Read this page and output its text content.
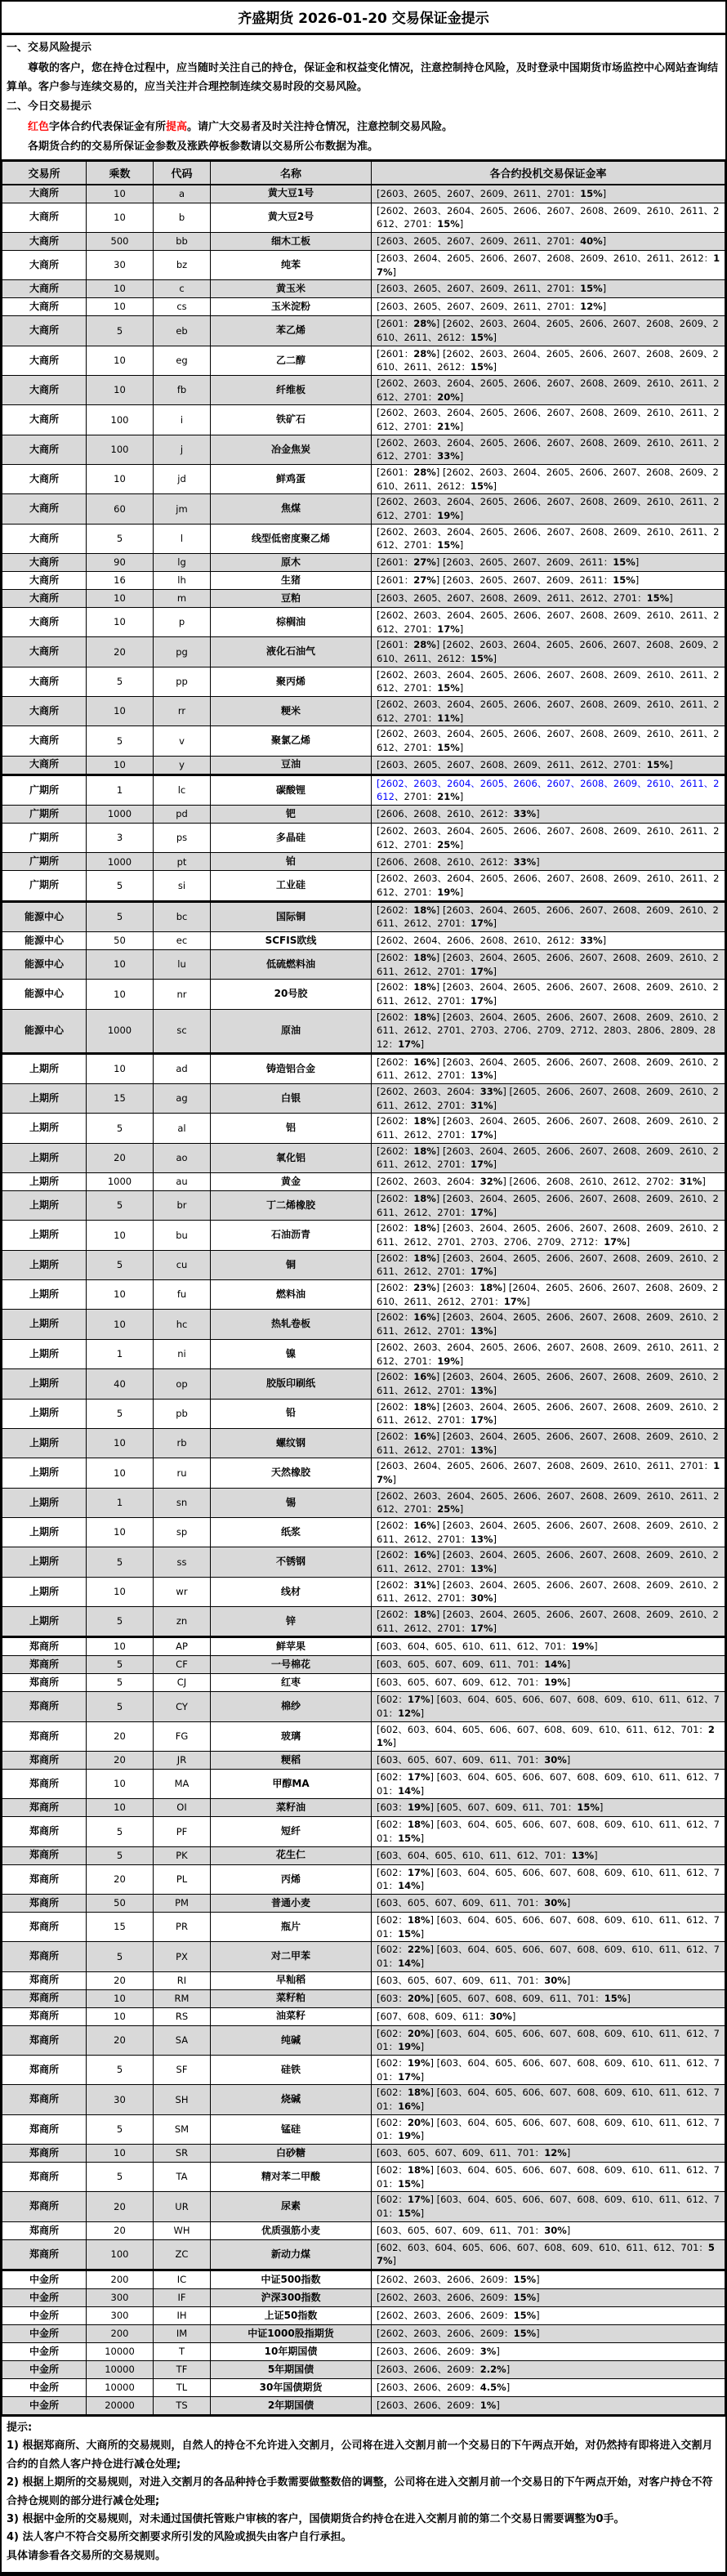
齐盛期货 2026-01-20 交易保证金提示
一、交易风险提示
尊敬的客户，您在持仓过程中，应当随时关注自己的持仓，保证金和权益变化情况，注意控制持仓风险，及时登录中国期货市场监控中心网站查询结算单。客户参与连续交易的，应当关注并合理控制连续交易时段的交易风险。
二、今日交易提示
红色字体合约代表保证金有所提高。请广大交易者及时关注持仓情况，注意控制交易风险。
各期货合约的交易所保证金参数及涨跌停板参数请以交易所公布数据为准。
交易所	乘数	代码	名称	各合约投机交易保证金率
大商所	10	a	黄大豆1号	[2603、2605、2607、2609、2611、2701：15%]
大商所	10	b	黄大豆2号	[2602、2603、2604、2605、2606、2607、2608、2609、2610、2611、2612、2701：15%]
大商所	500	bb	细木工板	[2603、2605、2607、2609、2611、2701：40%]
大商所	30	bz	纯苯	[2603、2604、2605、2606、2607、2608、2609、2610、2611、2612：17%]
大商所	10	c	黄玉米	[2603、2605、2607、2609、2611、2701：15%]
大商所	10	cs	玉米淀粉	[2603、2605、2607、2609、2611、2701：12%]
大商所	5	eb	苯乙烯	[2601：28%] [2602、2603、2604、2605、2606、2607、2608、2609、2610、2611、2612：15%]
大商所	10	eg	乙二醇	[2601：28%] [2602、2603、2604、2605、2606、2607、2608、2609、2610、2611、2612：15%]
大商所	10	fb	纤维板	[2602、2603、2604、2605、2606、2607、2608、2609、2610、2611、2612、2701：20%]
大商所	100	i	铁矿石	[2602、2603、2604、2605、2606、2607、2608、2609、2610、2611、2612、2701：21%]
大商所	100	j	冶金焦炭	[2602、2603、2604、2605、2606、2607、2608、2609、2610、2611、2612、2701：33%]
大商所	10	jd	鲜鸡蛋	[2601：28%] [2602、2603、2604、2605、2606、2607、2608、2609、2610、2611、2612：15%]
大商所	60	jm	焦煤	[2602、2603、2604、2605、2606、2607、2608、2609、2610、2611、2612、2701：19%]
大商所	5	l	线型低密度聚乙烯	[2602、2603、2604、2605、2606、2607、2608、2609、2610、2611、2612、2701：15%]
大商所	90	lg	原木	[2601：27%] [2603、2605、2607、2609、2611：15%]
大商所	16	lh	生猪	[2601：27%] [2603、2605、2607、2609、2611：15%]
大商所	10	m	豆粕	[2603、2605、2607、2608、2609、2611、2612、2701：15%]
大商所	10	p	棕榈油	[2602、2603、2604、2605、2606、2607、2608、2609、2610、2611、2612、2701：17%]
大商所	20	pg	液化石油气	[2601：28%] [2602、2603、2604、2605、2606、2607、2608、2609、2610、2611、2612：15%]
大商所	5	pp	聚丙烯	[2602、2603、2604、2605、2606、2607、2608、2609、2610、2611、2612、2701：15%]
大商所	10	rr	粳米	[2602、2603、2604、2605、2606、2607、2608、2609、2610、2611、2612、2701：11%]
大商所	5	v	聚氯乙烯	[2602、2603、2604、2605、2606、2607、2608、2609、2610、2611、2612、2701：15%]
大商所	10	y	豆油	[2603、2605、2607、2608、2609、2611、2612、2701：15%]
广期所	1	lc	碳酸锂	[2602、2603、2604、2605、2606、2607、2608、2609、2610、2611、2612、2701：21%]
广期所	1000	pd	钯	[2606、2608、2610、2612：33%]
广期所	3	ps	多晶硅	[2602、2603、2604、2605、2606、2607、2608、2609、2610、2611、2612、2701：25%]
广期所	1000	pt	铂	[2606、2608、2610、2612：33%]
广期所	5	si	工业硅	[2602、2603、2604、2605、2606、2607、2608、2609、2610、2611、2612、2701：19%]
能源中心	5	bc	国际铜	[2602：18%] [2603、2604、2605、2606、2607、2608、2609、2610、2611、2612、2701：17%]
能源中心	50	ec	SCFIS欧线	[2602、2604、2606、2608、2610、2612：33%]
能源中心	10	lu	低硫燃料油	[2602：18%] [2603、2604、2605、2606、2607、2608、2609、2610、2611、2612、2701：17%]
能源中心	10	nr	20号胶	[2602：18%] [2603、2604、2605、2606、2607、2608、2609、2610、2611、2612、2701：17%]
能源中心	1000	sc	原油	[2602：18%] [2603、2604、2605、2606、2607、2608、2609、2610、2611、2612、2701、2703、2706、2709、2712、2803、2806、2809、2812：17%]
上期所	10	ad	铸造铝合金	[2602：16%] [2603、2604、2605、2606、2607、2608、2609、2610、2611、2612、2701：13%]
上期所	15	ag	白银	[2602、2603、2604：33%] [2605、2606、2607、2608、2609、2610、2611、2612、2701：31%]
上期所	5	al	铝	[2602：18%] [2603、2604、2605、2606、2607、2608、2609、2610、2611、2612、2701：17%]
上期所	20	ao	氧化铝	[2602：18%] [2603、2604、2605、2606、2607、2608、2609、2610、2611、2612、2701：17%]
上期所	1000	au	黄金	[2602、2603、2604：32%] [2606、2608、2610、2612、2702：31%]
上期所	5	br	丁二烯橡胶	[2602：18%] [2603、2604、2605、2606、2607、2608、2609、2610、2611、2612、2701：17%]
上期所	10	bu	石油沥青	[2602：18%] [2603、2604、2605、2606、2607、2608、2609、2610、2611、2612、2701、2703、2706、2709、2712：17%]
上期所	5	cu	铜	[2602：18%] [2603、2604、2605、2606、2607、2608、2609、2610、2611、2612、2701：17%]
上期所	10	fu	燃料油	[2602：23%] [2603：18%] [2604、2605、2606、2607、2608、2609、2610、2611、2612、2701：17%]
上期所	10	hc	热轧卷板	[2602：16%] [2603、2604、2605、2606、2607、2608、2609、2610、2611、2612、2701：13%]
上期所	1	ni	镍	[2602、2603、2604、2605、2606、2607、2608、2609、2610、2611、2612、2701：19%]
上期所	40	op	胶版印刷纸	[2602：16%] [2603、2604、2605、2606、2607、2608、2609、2610、2611、2612、2701：13%]
上期所	5	pb	铅	[2602：18%] [2603、2604、2605、2606、2607、2608、2609、2610、2611、2612、2701：17%]
上期所	10	rb	螺纹钢	[2602：16%] [2603、2604、2605、2606、2607、2608、2609、2610、2611、2612、2701：13%]
上期所	10	ru	天然橡胶	[2603、2604、2605、2606、2607、2608、2609、2610、2611、2701：17%]
上期所	1	sn	锡	[2602、2603、2604、2605、2606、2607、2608、2609、2610、2611、2612、2701：25%]
上期所	10	sp	纸浆	[2602：16%] [2603、2604、2605、2606、2607、2608、2609、2610、2611、2612、2701：13%]
上期所	5	ss	不锈钢	[2602：16%] [2603、2604、2605、2606、2607、2608、2609、2610、2611、2612、2701：13%]
上期所	10	wr	线材	[2602：31%] [2603、2604、2605、2606、2607、2608、2609、2610、2611、2612、2701：30%]
上期所	5	zn	锌	[2602：18%] [2603、2604、2605、2606、2607、2608、2609、2610、2611、2612、2701：17%]
郑商所	10	AP	鲜苹果	[603、604、605、610、611、612、701：19%]
郑商所	5	CF	一号棉花	[603、605、607、609、611、701：14%]
郑商所	5	CJ	红枣	[603、605、607、609、612、701：19%]
郑商所	5	CY	棉纱	[602：17%] [603、604、605、606、607、608、609、610、611、612、701：12%]
郑商所	20	FG	玻璃	[602、603、604、605、606、607、608、609、610、611、612、701：21%]
郑商所	20	JR	粳稻	[603、605、607、609、611、701：30%]
郑商所	10	MA	甲醇MA	[602：17%] [603、604、605、606、607、608、609、610、611、612、701：14%]
郑商所	10	OI	菜籽油	[603：19%] [605、607、609、611、701：15%]
郑商所	5	PF	短纤	[602：18%] [603、604、605、606、607、608、609、610、611、612、701：15%]
郑商所	5	PK	花生仁	[603、604、605、610、611、612、701：13%]
郑商所	20	PL	丙烯	[602：17%] [603、604、605、606、607、608、609、610、611、612、701：14%]
郑商所	50	PM	普通小麦	[603、605、607、609、611、701：30%]
郑商所	15	PR	瓶片	[602：18%] [603、604、605、606、607、608、609、610、611、612、701：15%]
郑商所	5	PX	对二甲苯	[602：22%] [603、604、605、606、607、608、609、610、611、612、701：14%]
郑商所	20	RI	早籼稻	[603、605、607、609、611、701：30%]
郑商所	10	RM	菜籽粕	[603：20%] [605、607、608、609、611、701：15%]
郑商所	10	RS	油菜籽	[607、608、609、611：30%]
郑商所	20	SA	纯碱	[602：20%] [603、604、605、606、607、608、609、610、611、612、701：19%]
郑商所	5	SF	硅铁	[602：19%] [603、604、605、606、607、608、609、610、611、612、701：17%]
郑商所	30	SH	烧碱	[602：18%] [603、604、605、606、607、608、609、610、611、612、701：16%]
郑商所	5	SM	锰硅	[602：20%] [603、604、605、606、607、608、609、610、611、612、701：19%]
郑商所	10	SR	白砂糖	[603、605、607、609、611、701：12%]
郑商所	5	TA	精对苯二甲酸	[602：18%] [603、604、605、606、607、608、609、610、611、612、701：15%]
郑商所	20	UR	尿素	[602：17%] [603、604、605、606、607、608、609、610、611、612、701：15%]
郑商所	20	WH	优质强筋小麦	[603、605、607、609、611、701：30%]
郑商所	100	ZC	新动力煤	[602、603、604、605、606、607、608、609、610、611、612、701：57%]
中金所	200	IC	中证500指数	[2602、2603、2606、2609：15%]
中金所	300	IF	沪深300指数	[2602、2603、2606、2609：15%]
中金所	300	IH	上证50指数	[2602、2603、2606、2609：15%]
中金所	200	IM	中证1000股指期货	[2602、2603、2606、2609：15%]
中金所	10000	T	10年期国债	[2603、2606、2609：3%]
中金所	10000	TF	5年期国债	[2603、2606、2609：2.2%]
中金所	10000	TL	30年国债期货	[2603、2606、2609：4.5%]
中金所	20000	TS	2年期国债	[2603、2606、2609：1%]
提示:
1) 根据郑商所、大商所的交易规则，自然人的持仓不允许进入交割月，公司将在进入交割月前一个交易日的下午两点开始，对仍然持有即将进入交割月合约的自然人客户持仓进行减仓处理;
2) 根据上期所的交易规则，对进入交割月的各品种持仓手数需要做整数倍的调整，公司将在进入交割月前一个交易日的下午两点开始，对客户持仓不符合持仓规则的部分进行减仓处理;
3) 根据中金所的交易规则，对未通过国债托管账户审核的客户，国债期货合约持仓在进入交割月前的第二个交易日需要调整为0手。
4) 法人客户不符合交易所交割要求所引发的风险或损失由客户自行承担。
具体请参看各交易所的交易规则。
